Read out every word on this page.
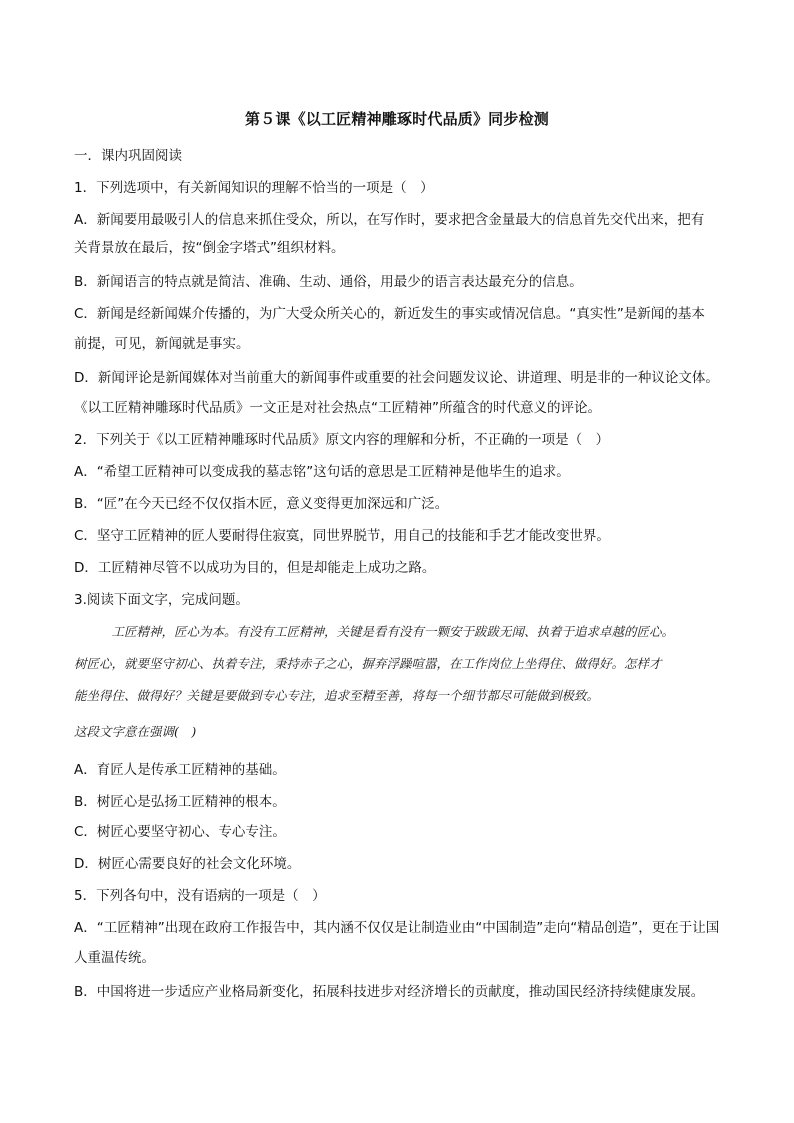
第５课《以工匠精神雕琢时代品质》同步检测
一．课内巩固阅读
1．下列选项中，有关新闻知识的理解不恰当的一项是（　）
A．新闻要用最吸引人的信息来抓住受众，所以，在写作时，要求把含金量最大的信息首先交代出来，把有
关背景放在最后，按“倒金字塔式”组织材料。
B．新闻语言的特点就是简洁、准确、生动、通俗，用最少的语言表达最充分的信息。
C．新闻是经新闻媒介传播的，为广大受众所关心的，新近发生的事实或情况信息。“真实性”是新闻的基本
前提，可见，新闻就是事实。
D．新闻评论是新闻媒体对当前重大的新闻事件或重要的社会问题发议论、讲道理、明是非的一种议论文体。
《以工匠精神雕琢时代品质》一文正是对社会热点“工匠精神”所蕴含的时代意义的评论。
2．下列关于《以工匠精神雕琢时代品质》原文内容的理解和分析，不正确的一项是（　）
A．“希望工匠精神可以变成我的墓志铭”这句话的意思是工匠精神是他毕生的追求。
B．“匠”在今天已经不仅仅指木匠，意义变得更加深远和广泛。
C．坚守工匠精神的匠人要耐得住寂寞，同世界脱节，用自己的技能和手艺才能改变世界。
D．工匠精神尽管不以成功为目的，但是却能走上成功之路。
3.阅读下面文字，完成问题。
　　　工匠精神，匠心为本。有没有工匠精神，关键是看有没有一颗安于跋跋无闻、执着于追求卓越的匠心。
树匠心，就要坚守初心、执着专注，秉持赤子之心，摒弃浮躁喧嚣，在工作岗位上坐得住、做得好。怎样才
能坐得住、做得好？关键是要做到专心专注，追求至精至善，将每一个细节都尽可能做到极致。
这段文字意在强调(　)
A．育匠人是传承工匠精神的基础。
B．树匠心是弘扬工匠精神的根本。
C．树匠心要坚守初心、专心专注。
D．树匠心需要良好的社会文化环境。
5．下列各句中，没有语病的一项是（　）
A．“工匠精神”出现在政府工作报告中，其内涵不仅仅是让制造业由“中国制造”走向“精品创造”，更在于让国
人重温传统。
B．中国将进一步适应产业格局新变化，拓展科技进步对经济增长的贡献度，推动国民经济持续健康发展。
